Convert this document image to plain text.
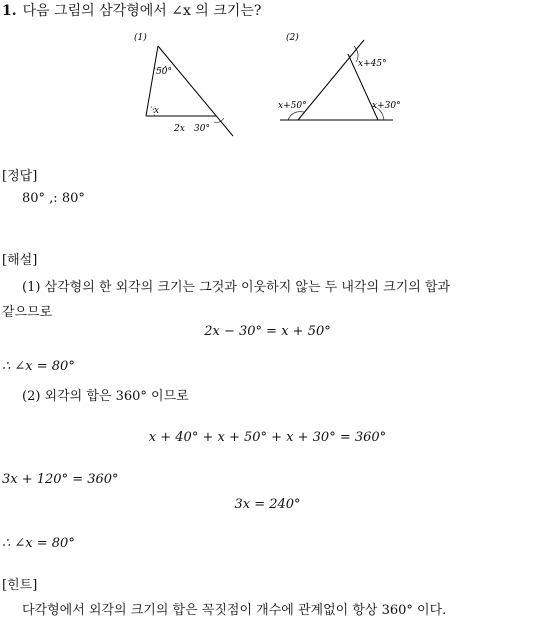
1. 다음 그림의 삼각형에서 ∠x 의 크기는?
(1)
50°
x
2x 30°
(2)
x+45°
x+50°	x+30°
[정답]
80° ,: 80°
[해설]
(1) 삼각형의 한 외각의 크기는 그것과 이웃하지 않는 두 내각의 크기의 합과
같으므로
2x − 30° = x + 50°
∴ ∠x = 80°
(2) 외각의 합은 360° 이므로
x + 40° + x + 50° + x + 30° = 360°
3x + 120° = 360°
3x = 240°
∴ ∠x = 80°
[힌트]
다각형에서 외각의 크기의 합은 꼭짓점이 개수에 관계없이 항상 360° 이다.
